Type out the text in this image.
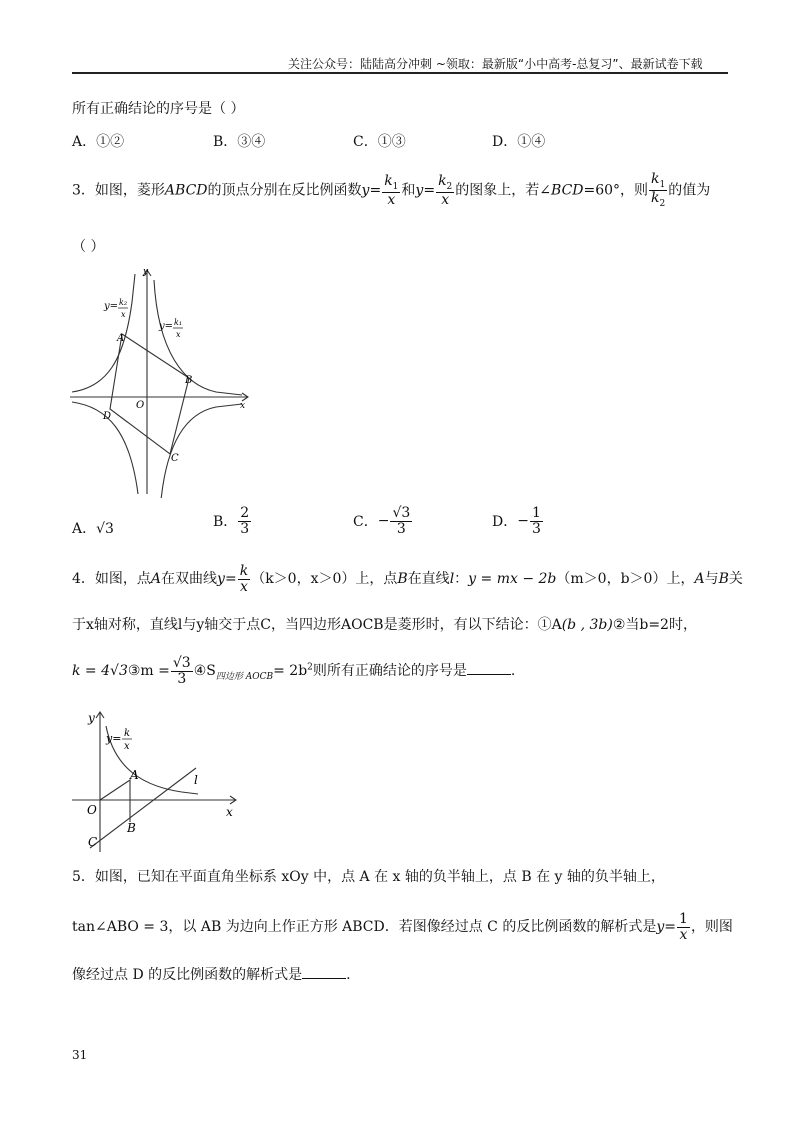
关注公众号：陆陆高分冲刺 ~领取：最新版“小中高考-总复习”、最新试卷下载
所有正确结论的序号是（ ）
A．①②	B．③④	C．①③	D．①④
3．如图，菱形ABCD的顶点分别在反比例函数$y= \frac{k_1}{x}$ 和$y= \frac{k_2}{x}$ 的图象上，若∠BCD=60°，则 $\frac{k_1}{k_2}$ 的值为
（ ）
y= k₂
x
y= k₁
x
y
x
O
A
B
C
D
A．√3	B． $\frac{2}{3}$	C．− $\frac{√3}{3}$	D．− $\frac{1}{3}$
4．如图，点A在双曲线$y= \frac{k}{x} (k>0$，x＞0）上，点B在直线l：y = mx − 2b（m＞0，b＞0）上，A与B关
于x轴对称，直线l与y轴交于点C，当四边形AOCB是菱形时，有以下结论：①A(b , 3b)②当b=2时，
k = 4√3③m = $\frac{√3}{3}$ $④S_{四边形 AOCB}= 2b^2$则所有正确结论的序号是	.
y
x
O
A
B
C
l
y= k
x
5．如图，已知在平面直角坐标系 xOy 中，点 A 在 x 轴的负半轴上，点 B 在 y 轴的负半轴上，
tan∠ABO = 3，以 AB 为边向上作正方形 ABCD．若图像经过点 C 的反比例函数的解析式是$y= \frac{1}{x}$ ，则图
像经过点 D 的反比例函数的解析式是	.
31
